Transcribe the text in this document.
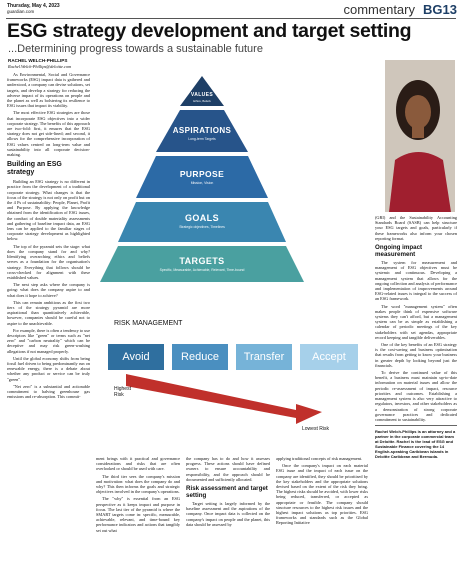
Thursday, May 4, 2023
guardian.com	commentary BG13
ESG strategy development and target setting
...Determining progress towards a sustainable future
RACHEL WELCH-PHILLIPS
Rachel.Welch-Phillips@deloitte.com

As Environmental, Social and Governance frameworks (ESG) impact data is gathered and understood, a company can devise solutions, set targets, and develop a strategy for reducing the adverse impact of its operations on people and the planet as well as bolstering its resilience to ESG issues that impact its viability.

The most effective ESG strategies are those that incorporate ESG objectives into a wider corporate strategy. The benefits of this approach are two-fold: first, it ensures that the ESG strategy does not get side-lined; and second, it allows for the comprehensive incorporation of ESG values centred on long-term value and sustainability into all corporate decision-making.

Building an ESG strategy

Building an ESG strategy is no different in practice from the development of a traditional corporate strategy. What changes is that the focus of the strategy is not only on profit but on the 4 Ps of sustainability: People, Planet, Profit and Purpose. By applying the knowledge obtained from the identification of ESG issues, the conduct of double materiality assessments and gathering of baseline impact data, an ESG lens can be applied to the familiar stages of corporate strategy development as highlighted below.

The top of the pyramid sets the stage: what does the company stand for and why? Identifying overarching ethics and beliefs serves as a foundation for the organisation's strategy. Everything that follows should be cross-checked for alignment with these established values.

The next step asks where the company is going: what does the company aspire to and what does it hope to achieve?

This can remain ambitious as the first two tiers of the strategy pyramid are more aspirational than quantitatively achievable, however, companies should be careful not to aspire to the unachievable.

For example, there is often a tendency to use descriptors like "green" or terms such as "net zero" and "carbon neutrality" which can be deceptive and may risk green-washing allegations if not managed properly.

Until the global economy shifts from being fossil fuel driven to being predominantly run on renewable energy, there is a debate about whether any product or service can be truly "green".

"Net zero" is a substantial and actionable commitment to halving greenhouse gas emissions and re-absorption. This commit-

VALUES
Ethics, Beliefs
ASPIRATIONS
Long-term Targets
PURPOSE
Mission, Vision
GOALS
Strategic objectives, Timelines
TARGETS
Specific, Measurable, Achievable, Relevant, Time-bound

(GRI) and the Sustainability Accounting Standards Board (SASB) can help structure your ESG targets and goals, particularly if these frameworks also inform your chosen reporting format.

Ongoing impact measurement

The system for measurement and management of ESG objectives must be systemic and continuous. Developing a management system that allows for the ongoing collection and analysis of performance and implementation of improvements around ESG-related issues is integral to the success of an ESG framework.

The word "management system" often makes people think of expensive software systems they can't afford, but a management system can be as simple as establishing a calendar of periodic meetings of the key stakeholders with set agendas, appropriate record keeping and tangible deliverables.

One of the key benefits of an ESG strategy is the cost-saving and business optimisation that results from getting to know your business in greater depth by looking beyond just the financials.

To derive the continued value of this benefit, a business must maintain up-to-date information on material issues and allow the periodic re-assessment of impact, resource priorities and outcomes. Establishing a management system is also very attractive to regulators, investors, and other stakeholders as a demonstration of strong corporate governance practices and dedicated commitment to sustainability.

Rachel Welch-Phillips is an attorney and a partner in the corporate commercial team at Deloitte. Rachel is the lead of ESG and Sustainable Finance covering the 14 English-speaking Caribbean islands in Deloitte Caribbean and Bermuda.

RISK MANAGEMENT
Avoid	Reduce	Transfer	Accept
Highest Risk
Lowest Risk

ment brings with it practical and governance considerations and risks that are often overlooked or should be used with care.

The third tier sees the company's mission and motivation: what does the company do and why? This then informs the goals and strategic objectives involved in the company's operations.

The "why" is essential from an ESG perspective as it keeps impact and purpose in focus. The last tier of the pyramid is where the SMART targets come in: specific, measurable, achievable, relevant, and time-bound key performance indicators and actions that tangibly set out what

the company has to do and how it assesses progress. These actions should have defined owners to ensure accountability and responsibility, and the approach should be documented and sufficiently allocated.

Risk assessment and target setting

Target setting is largely informed by the baseline assessment and the aspirations of the company. Once impact data is collected on the company's impact on people and the planet, this data should be assessed by

applying traditional concepts of risk management.

Once the company's impact on each material ESG issue and the impact of each issue on the company are identified, they should be prioritised by the key stakeholders and the appropriate solutions devised based on the extent of the risk they bring. The highest risks should be avoided, with lower risks being reduced, transferred, or accepted as appropriate or feasible. The company should structure resources to the highest risk issues and the highest impact solutions as top priorities. ESG frameworks and standards such as the Global Reporting Initiative
